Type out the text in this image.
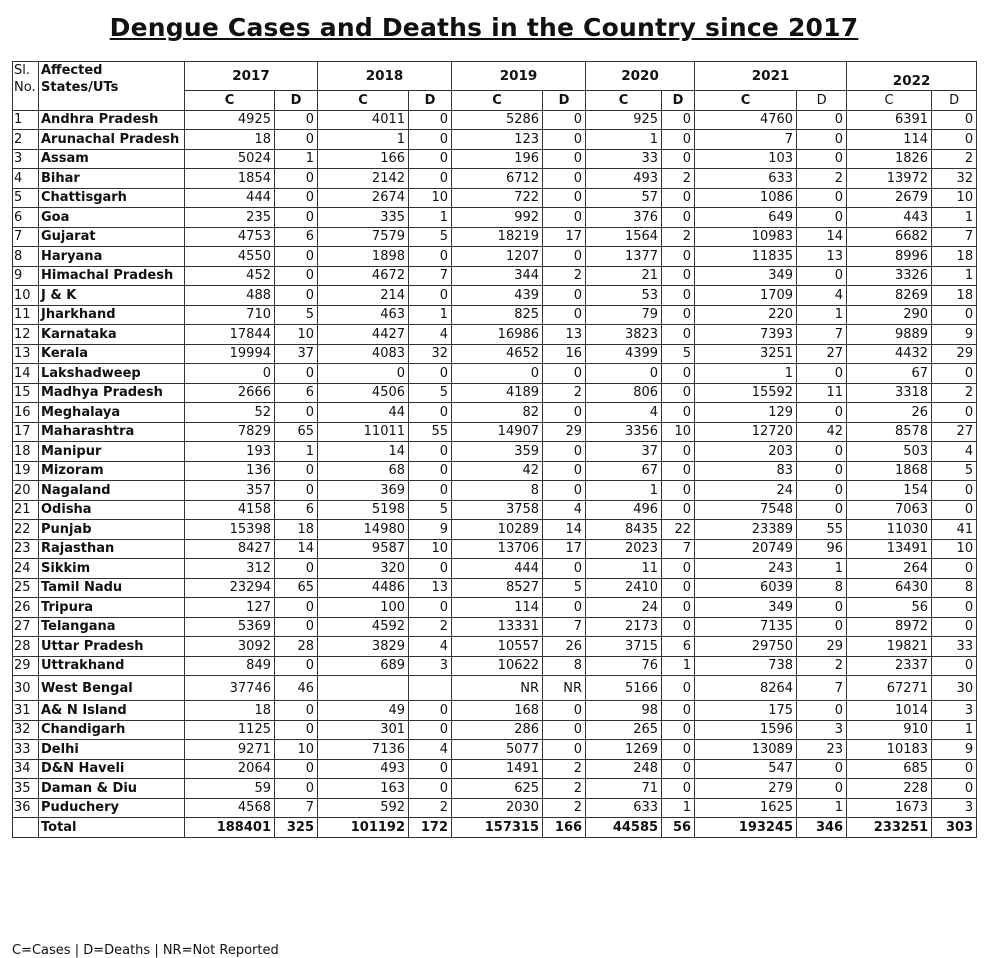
Dengue Cases and Deaths in the Country since 2017
Sl. No.	Affected States/UTs	2017		2018		2019		2020		2021		2022	
		C	D	C	D	C	D	C	D	C	D	C	D
1	Andhra Pradesh	4925	0	4011	0	5286	0	925	0	4760	0	6391	0
2	Arunachal Pradesh	18	0	1	0	123	0	1	0	7	0	114	0
3	Assam	5024	1	166	0	196	0	33	0	103	0	1826	2
4	Bihar	1854	0	2142	0	6712	0	493	2	633	2	13972	32
5	Chattisgarh	444	0	2674	10	722	0	57	0	1086	0	2679	10
6	Goa	235	0	335	1	992	0	376	0	649	0	443	1
7	Gujarat	4753	6	7579	5	18219	17	1564	2	10983	14	6682	7
8	Haryana	4550	0	1898	0	1207	0	1377	0	11835	13	8996	18
9	Himachal Pradesh	452	0	4672	7	344	2	21	0	349	0	3326	1
10	J & K	488	0	214	0	439	0	53	0	1709	4	8269	18
11	Jharkhand	710	5	463	1	825	0	79	0	220	1	290	0
12	Karnataka	17844	10	4427	4	16986	13	3823	0	7393	7	9889	9
13	Kerala	19994	37	4083	32	4652	16	4399	5	3251	27	4432	29
14	Lakshadweep	0	0	0	0	0	0	0	0	1	0	67	0
15	Madhya Pradesh	2666	6	4506	5	4189	2	806	0	15592	11	3318	2
16	Meghalaya	52	0	44	0	82	0	4	0	129	0	26	0
17	Maharashtra	7829	65	11011	55	14907	29	3356	10	12720	42	8578	27
18	Manipur	193	1	14	0	359	0	37	0	203	0	503	4
19	Mizoram	136	0	68	0	42	0	67	0	83	0	1868	5
20	Nagaland	357	0	369	0	8	0	1	0	24	0	154	0
21	Odisha	4158	6	5198	5	3758	4	496	0	7548	0	7063	0
22	Punjab	15398	18	14980	9	10289	14	8435	22	23389	55	11030	41
23	Rajasthan	8427	14	9587	10	13706	17	2023	7	20749	96	13491	10
24	Sikkim	312	0	320	0	444	0	11	0	243	1	264	0
25	Tamil Nadu	23294	65	4486	13	8527	5	2410	0	6039	8	6430	8
26	Tripura	127	0	100	0	114	0	24	0	349	0	56	0
27	Telangana	5369	0	4592	2	13331	7	2173	0	7135	0	8972	0
28	Uttar Pradesh	3092	28	3829	4	10557	26	3715	6	29750	29	19821	33
29	Uttrakhand	849	0	689	3	10622	8	76	1	738	2	2337	0
30	West Bengal	37746	46			NR	NR	5166	0	8264	7	67271	30
31	A& N Island	18	0	49	0	168	0	98	0	175	0	1014	3
32	Chandigarh	1125	0	301	0	286	0	265	0	1596	3	910	1
33	Delhi	9271	10	7136	4	5077	0	1269	0	13089	23	10183	9
34	D&N Haveli	2064	0	493	0	1491	2	248	0	547	0	685	0
35	Daman & Diu	59	0	163	0	625	2	71	0	279	0	228	0
36	Puduchery	4568	7	592	2	2030	2	633	1	1625	1	1673	3
	Total	188401	325	101192	172	157315	166	44585	56	193245	346	233251	303
C=Cases | D=Deaths | NR=Not Reported
